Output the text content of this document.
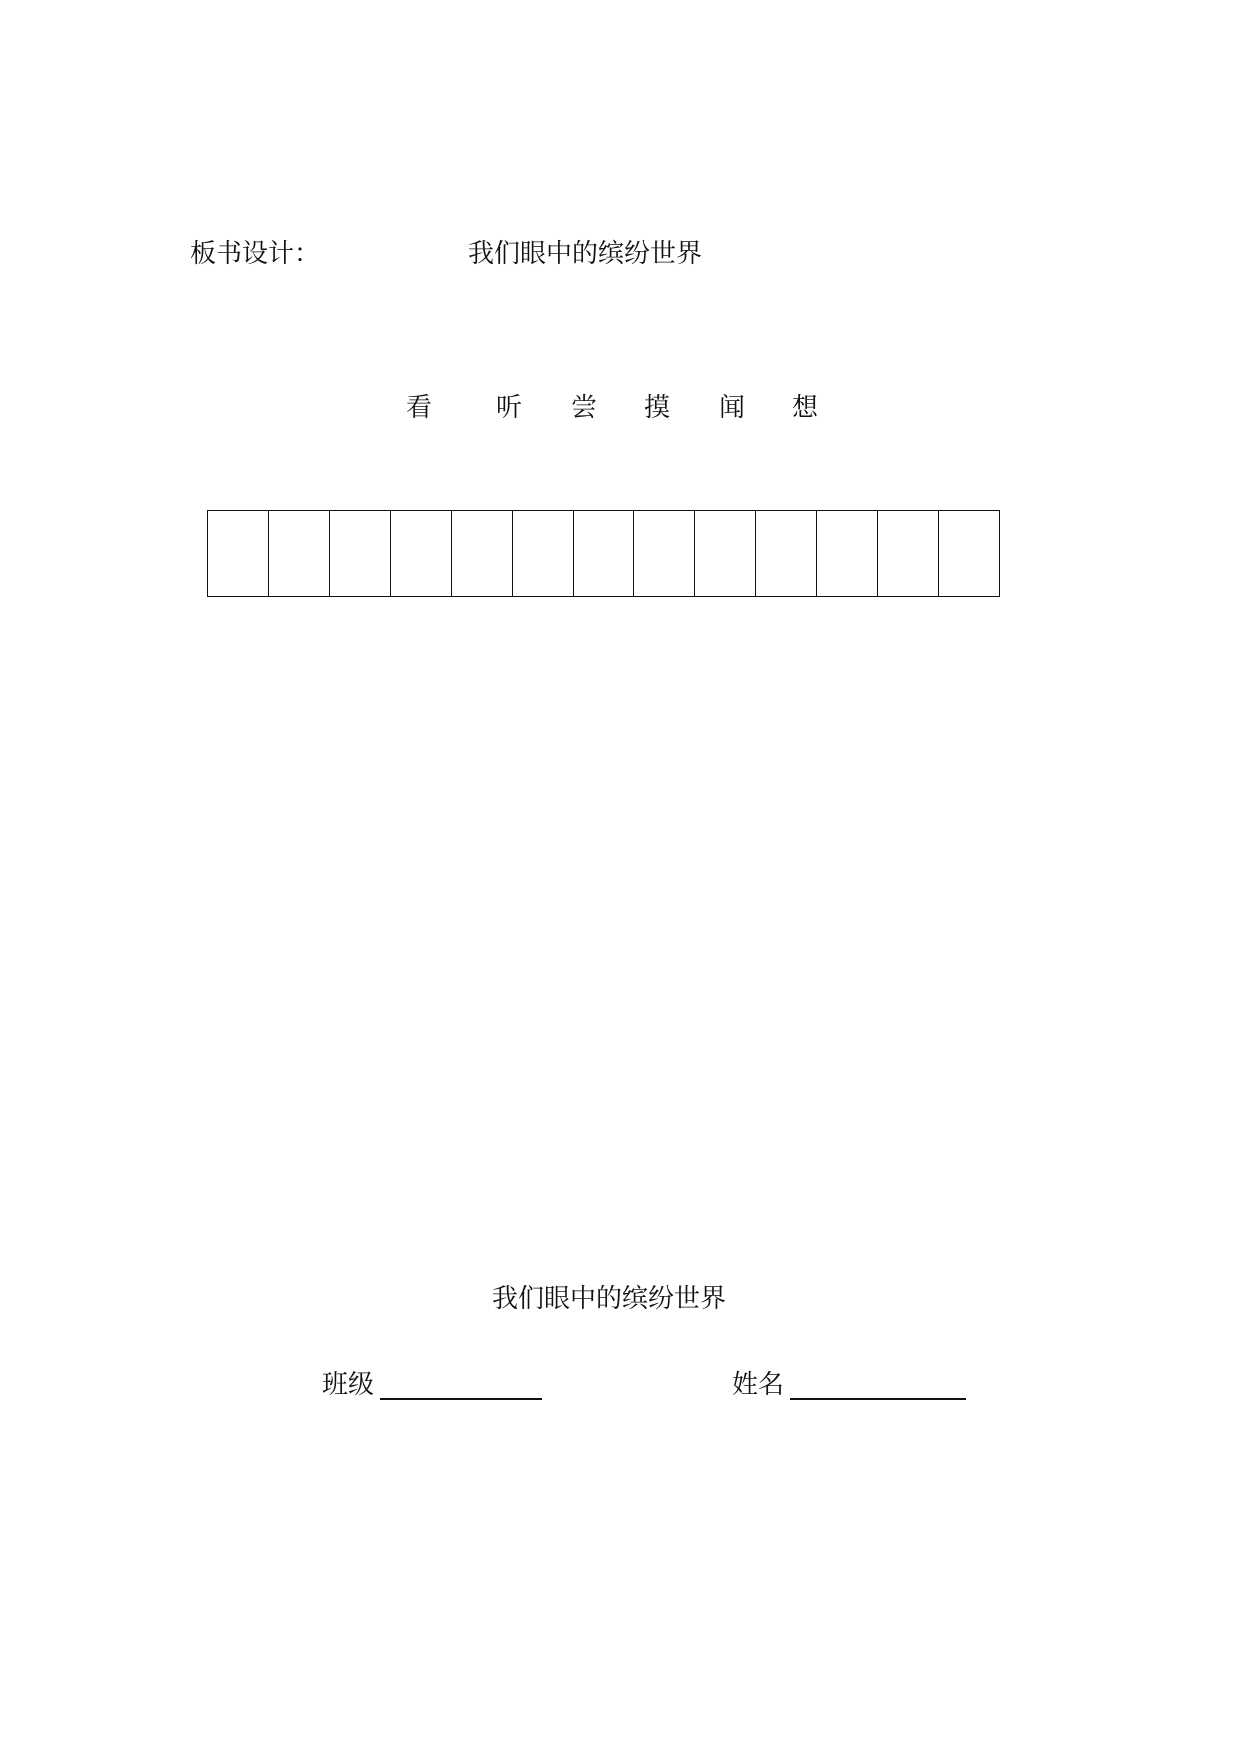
板书设计：	我们眼中的缤纷世界
看 听 尝 摸 闻 想
我们眼中的缤纷世界
班级	姓名
